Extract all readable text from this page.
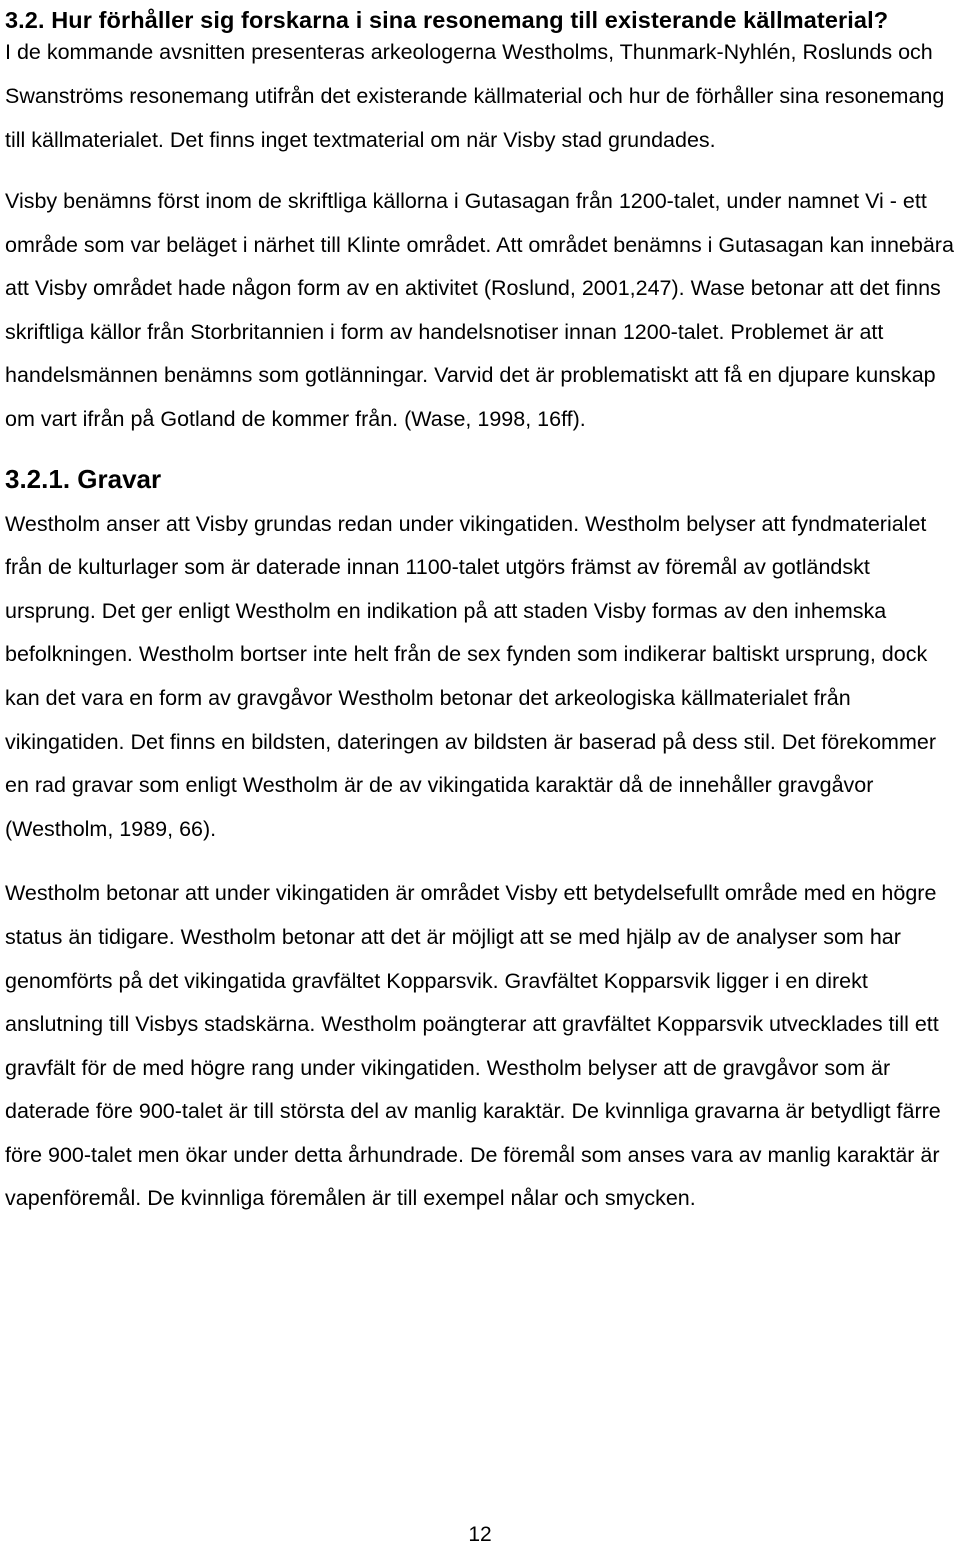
3.2. Hur förhåller sig forskarna i sina resonemang till existerande källmaterial?

I de kommande avsnitten presenteras arkeologerna Westholms, Thunmark-Nyhlén, Roslunds och Swanströms resonemang utifrån det existerande källmaterial och hur de förhåller sina resonemang till källmaterialet. Det finns inget textmaterial om när Visby stad grundades.

Visby benämns först inom de skriftliga källorna i Gutasagan från 1200-talet, under namnet Vi - ett område som var beläget i närhet till Klinte området. Att området benämns i Gutasagan kan innebära att Visby området hade någon form av en aktivitet (Roslund, 2001,247). Wase betonar att det finns skriftliga källor från Storbritannien i form av handelsnotiser innan 1200-talet. Problemet är att handelsmännen benämns som gotlänningar. Varvid det är problematiskt att få en djupare kunskap om vart ifrån på Gotland de kommer från. (Wase, 1998, 16ff).

3.2.1. Gravar

Westholm anser att Visby grundas redan under vikingatiden. Westholm belyser att fyndmaterialet från de kulturlager som är daterade innan 1100-talet utgörs främst av föremål av gotländskt ursprung. Det ger enligt Westholm en indikation på att staden Visby formas av den inhemska befolkningen. Westholm bortser inte helt från de sex fynden som indikerar baltiskt ursprung, dock kan det vara en form av gravgåvor Westholm betonar det arkeologiska källmaterialet från vikingatiden. Det finns en bildsten, dateringen av bildsten är baserad på dess stil. Det förekommer en rad gravar som enligt Westholm är de av vikingatida karaktär då de innehåller gravgåvor (Westholm, 1989, 66).

Westholm betonar att under vikingatiden är området Visby ett betydelsefullt område med en högre status än tidigare. Westholm betonar att det är möjligt att se med hjälp av de analyser som har genomförts på det vikingatida gravfältet Kopparsvik. Gravfältet Kopparsvik ligger i en direkt anslutning till Visbys stadskärna. Westholm poängterar att gravfältet Kopparsvik utvecklades till ett gravfält för de med högre rang under vikingatiden. Westholm belyser att de gravgåvor som är daterade före 900-talet är till största del av manlig karaktär. De kvinnliga gravarna är betydligt färre före 900-talet men ökar under detta århundrade. De föremål som anses vara av manlig karaktär är vapenföremål. De kvinnliga föremålen är till exempel nålar och smycken.

12
